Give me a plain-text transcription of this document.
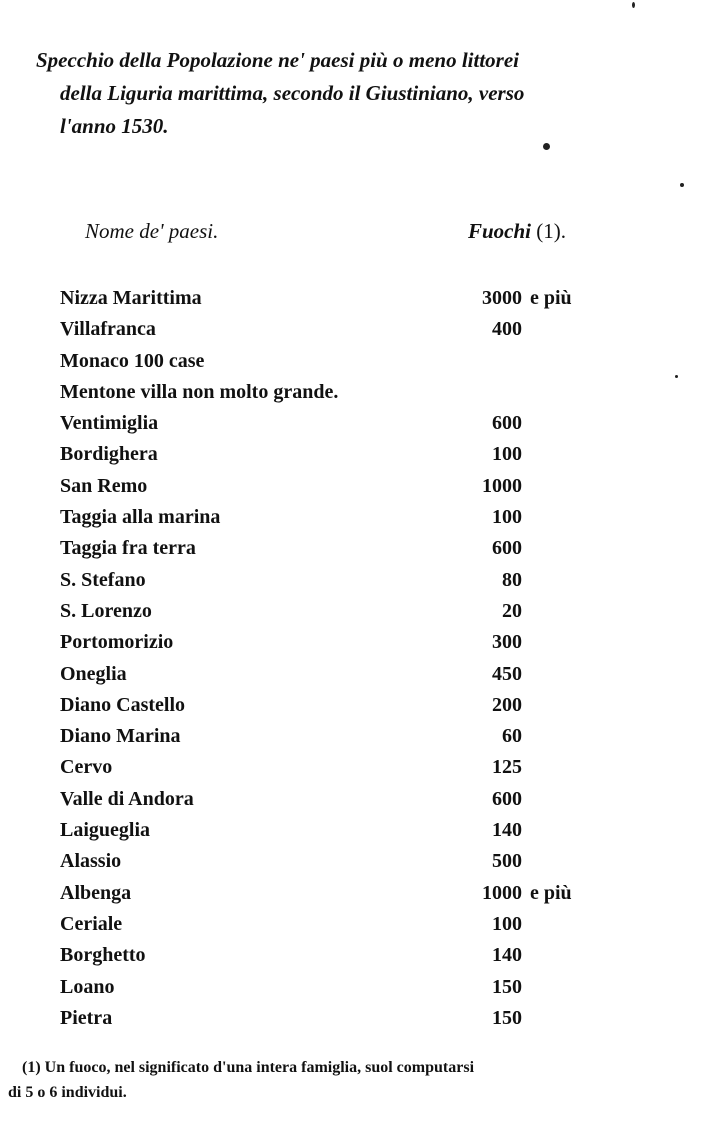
Specchio della Popolazione ne' paesi più o meno littorei
della Liguria marittima, secondo il Giustiniano, verso
l'anno 1530.
Nome de' paesi.	Fuochi (1).
Nizza Marittima	3000 e più
Villafranca	400
Monaco 100 case
Mentone villa non molto grande.
Ventimiglia	600
Bordighera	100
San Remo	1000
Taggia alla marina	100
Taggia fra terra	600
S. Stefano	80
S. Lorenzo	20
Portomorizio	300
Oneglia	450
Diano Castello	200
Diano Marina	60
Cervo	125
Valle di Andora	600
Laigueglia	140
Alassio	500
Albenga	1000 e più
Ceriale	100
Borghetto	140
Loano	150
Pietra	150
(1) Un fuoco, nel significato d'una intera famiglia, suol computarsi
di 5 o 6 individui.
